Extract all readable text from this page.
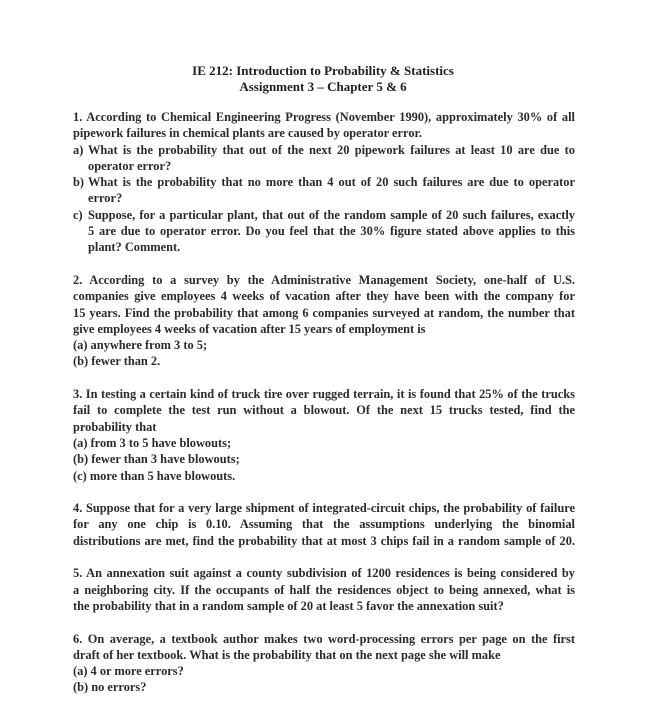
IE 212: Introduction to Probability & Statistics
Assignment 3 – Chapter 5 & 6
1. According to Chemical Engineering Progress (November 1990), approximately 30% of all
pipework failures in chemical plants are caused by operator error.
a) What is the probability that out of the next 20 pipework failures at least 10 are due to
operator error?
b) What is the probability that no more than 4 out of 20 such failures are due to operator
error?
c) Suppose, for a particular plant, that out of the random sample of 20 such failures, exactly
5 are due to operator error. Do you feel that the 30% figure stated above applies to this
plant? Comment.
2. According to a survey by the Administrative Management Society, one-half of U.S.
companies give employees 4 weeks of vacation after they have been with the company for
15 years. Find the probability that among 6 companies surveyed at random, the number that
give employees 4 weeks of vacation after 15 years of employment is
(a) anywhere from 3 to 5;
(b) fewer than 2.
3. In testing a certain kind of truck tire over rugged terrain, it is found that 25% of the trucks
fail to complete the test run without a blowout. Of the next 15 trucks tested, find the
probability that
(a) from 3 to 5 have blowouts;
(b) fewer than 3 have blowouts;
(c) more than 5 have blowouts.
4. Suppose that for a very large shipment of integrated-circuit chips, the probability of failure
for any one chip is 0.10. Assuming that the assumptions underlying the binomial
distributions are met, find the probability that at most 3 chips fail in a random sample of 20.
5. An annexation suit against a county subdivision of 1200 residences is being considered by
a neighboring city. If the occupants of half the residences object to being annexed, what is
the probability that in a random sample of 20 at least 5 favor the annexation suit?
6. On average, a textbook author makes two word-processing errors per page on the first
draft of her textbook. What is the probability that on the next page she will make
(a) 4 or more errors?
(b) no errors?
